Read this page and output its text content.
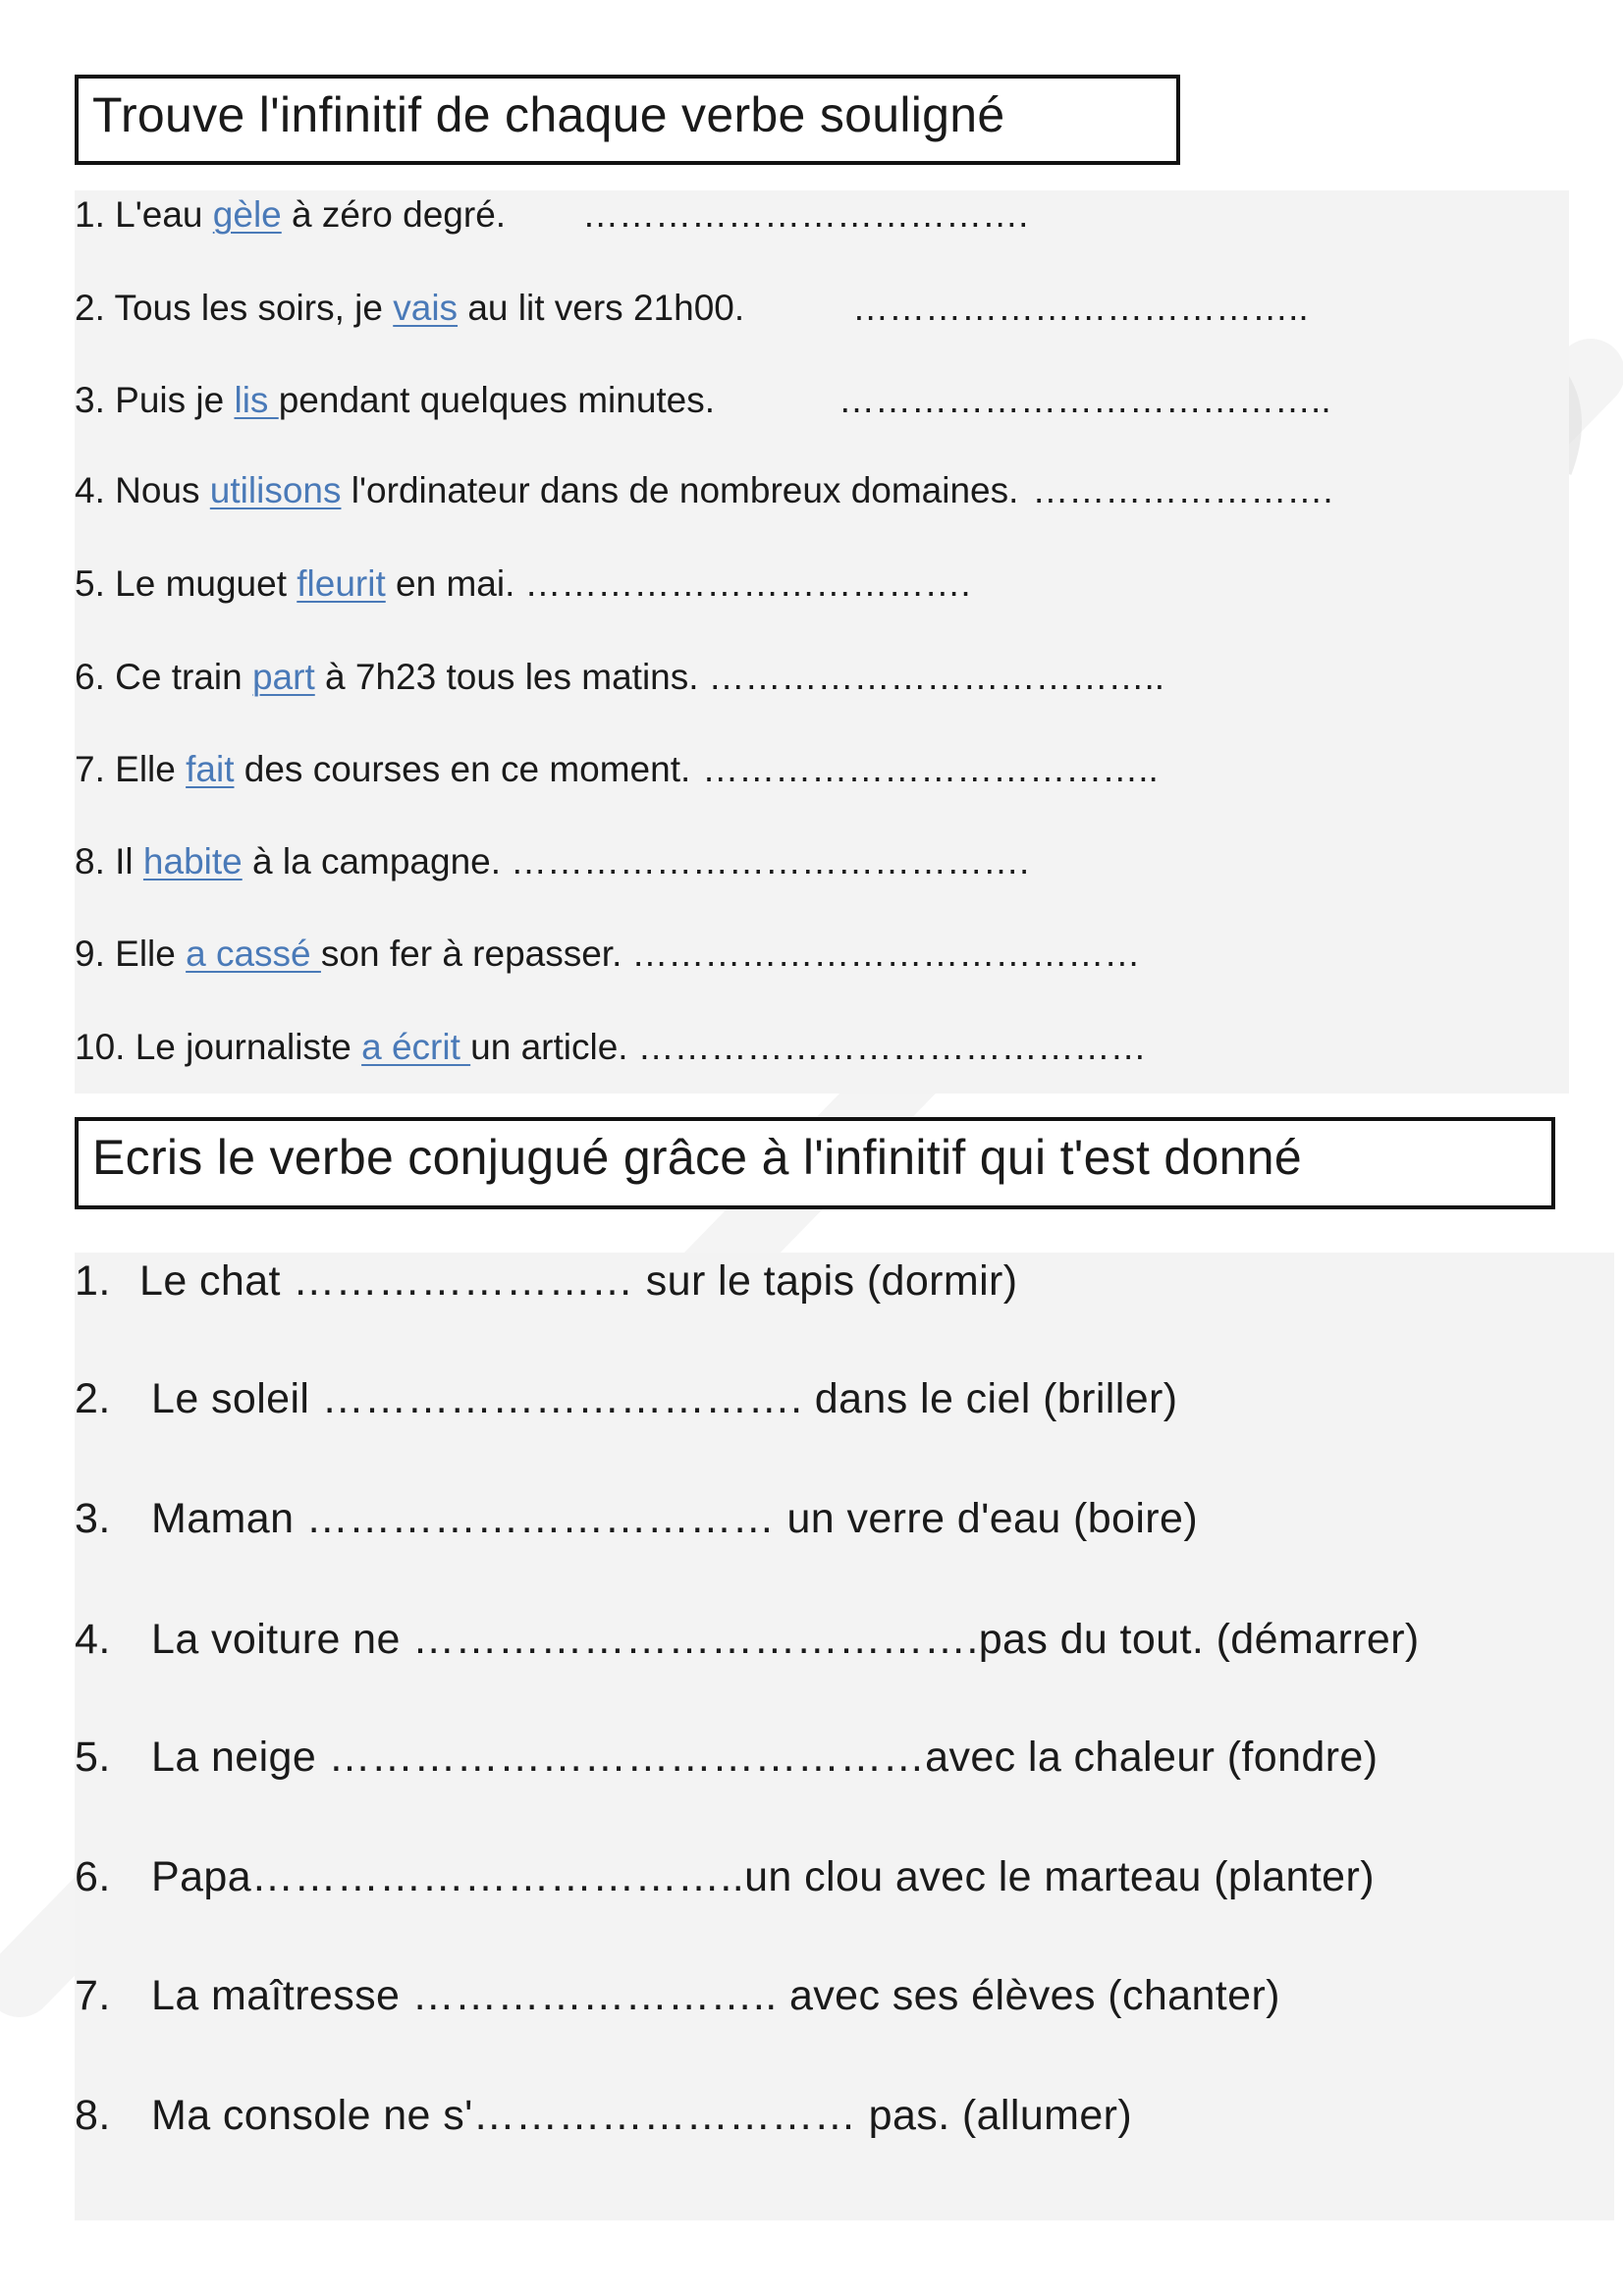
Trouve l'infinitif de chaque verbe souligné
1. L'eau gèle à zéro degré. ……………………………….
2. Tous les soirs, je vais au lit vers 21h00.	………………………………..
3. Puis je lis pendant quelques minutes.	…………………………………..
4. Nous utilisons l'ordinateur dans de nombreux domaines. …………………….
5. Le muguet fleurit en mai. ……………………………….
6. Ce train part à 7h23 tous les matins. ………………………………..
7. Elle fait des courses en ce moment. ………………………………..
8. Il habite à la campagne. …………………………………….
9. Elle a cassé son fer à repasser. ……………………………………
10. Le journaliste a écrit un article. ……………………………………
Ecris le verbe conjugué grâce à l'infinitif qui t'est donné
1. Le chat …………………… sur le tapis (dormir)
2. Le soleil ……………………………. dans le ciel (briller)
3. Maman …………………………… un verre d'eau (boire)
4. La voiture ne ………………………………….pas du tout. (démarrer)
5. La neige ……………………………………avec la chaleur (fondre)
6. Papa……………………………..un clou avec le marteau (planter)
7. La maîtresse …………………….. avec ses élèves (chanter)
8. Ma console ne s'……………………… pas. (allumer)
